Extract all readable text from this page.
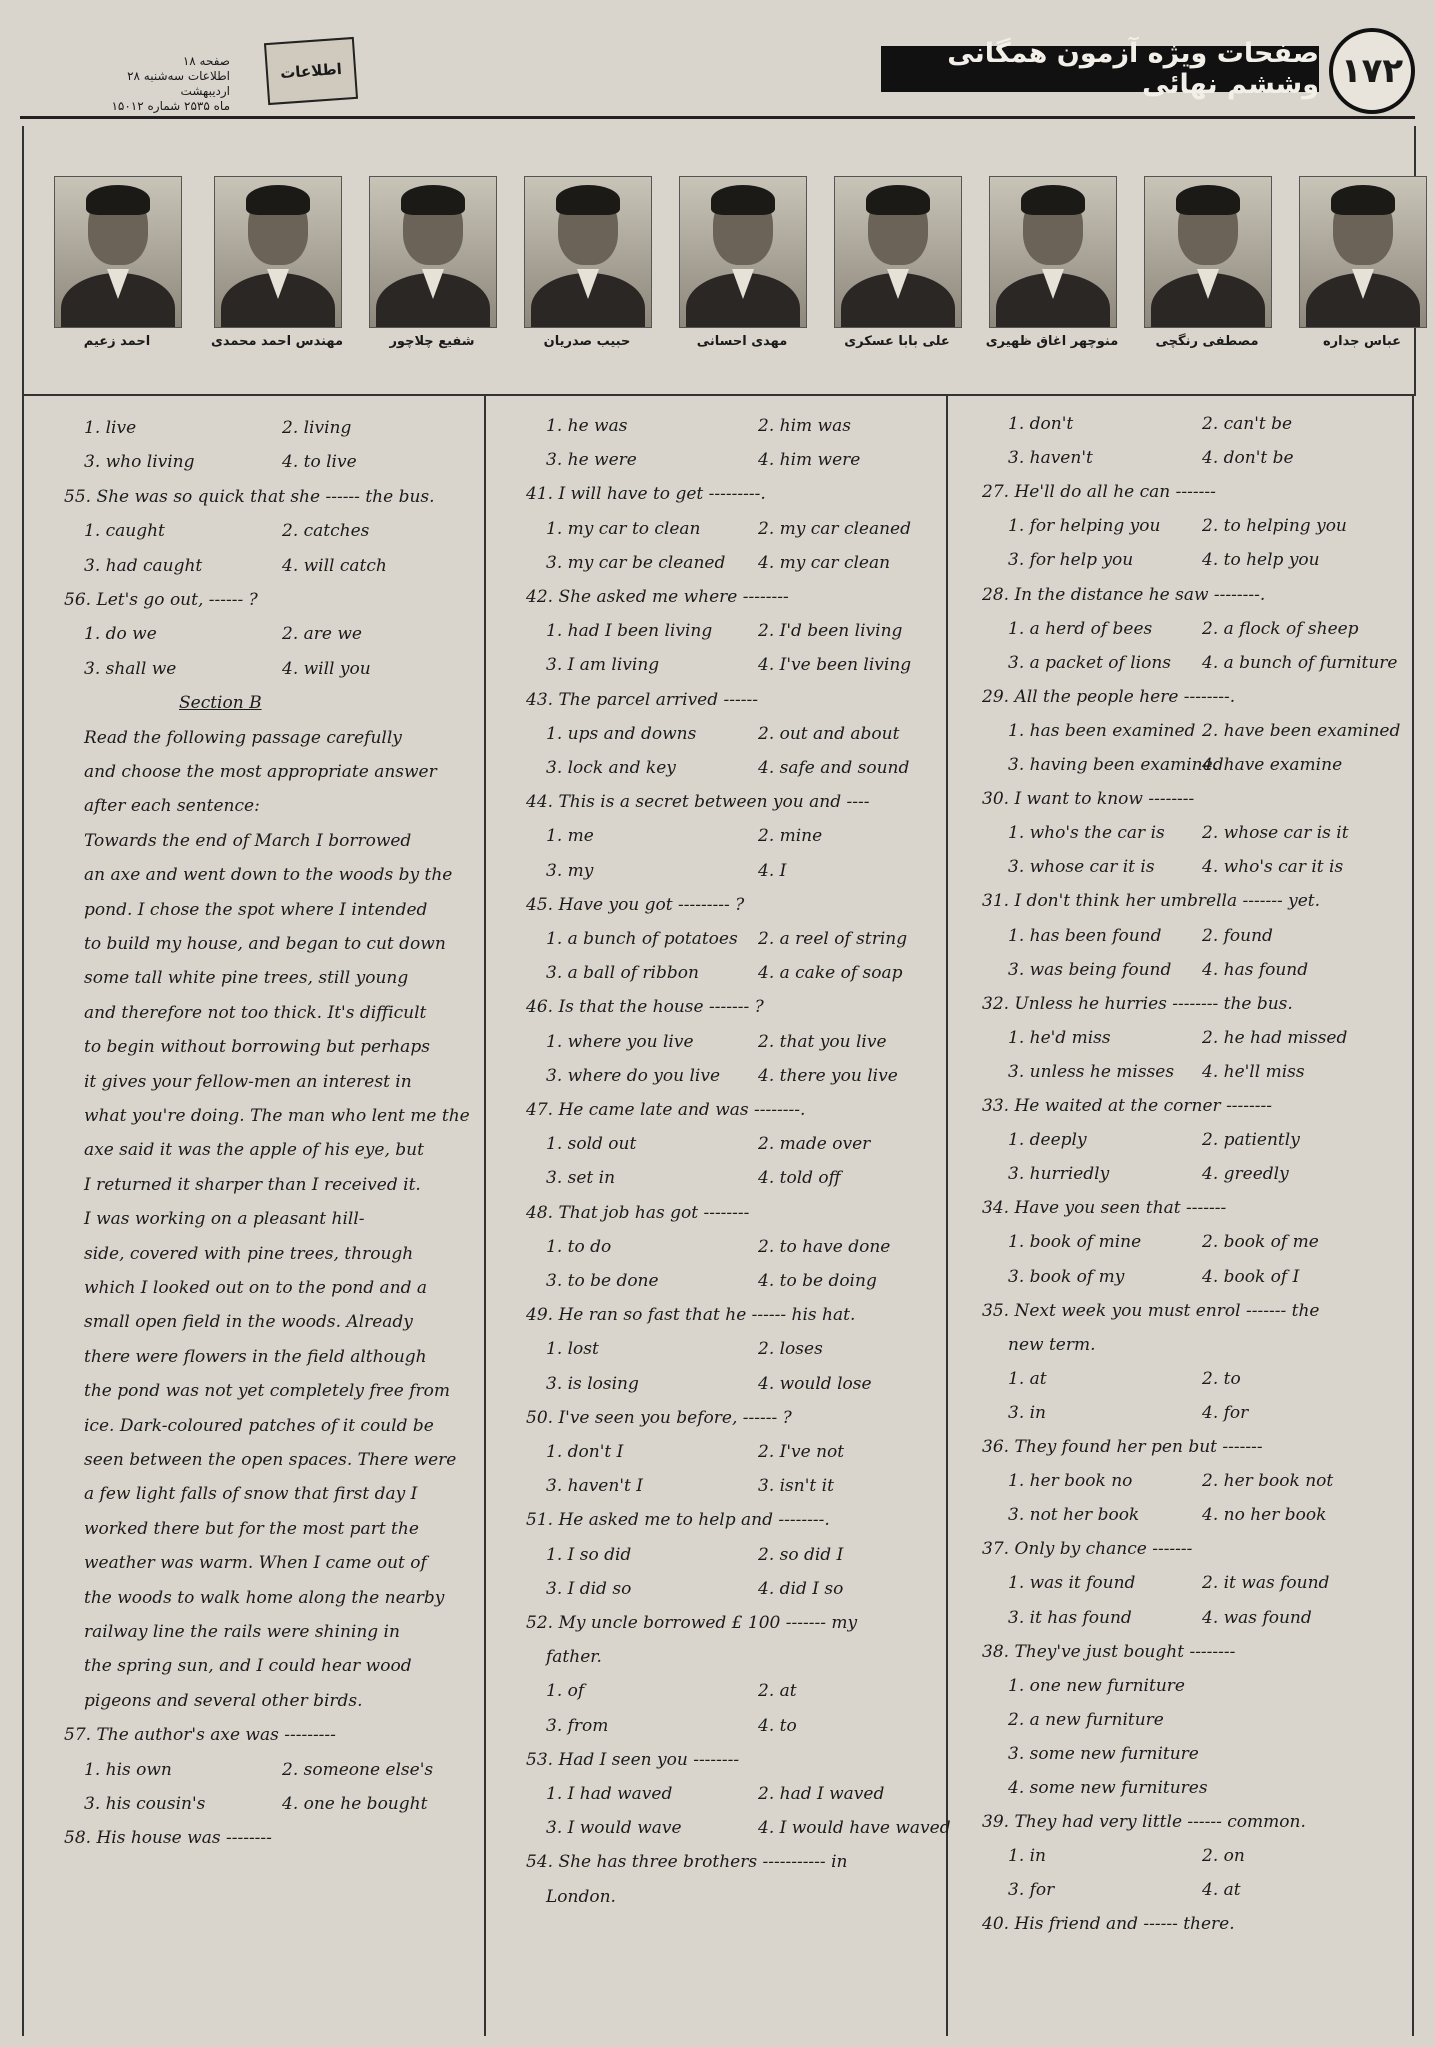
۱۷۲
صفحات ویژه آزمون همگانی وششم نهائی
اطلاعات
صفحه ۱۸
اطلاعات سه‌شنبه ۲۸ اردیبهشت
ماه ۲۵۳۵ شماره ۱۵۰۱۲
احمد زعیم	مهندس احمد محمدی	شفیع چلاچور	حبیب صدریان	مهدی احسانی	علی بابا عسکری	منوچهر اغاق ظهیری	مصطفی رنگچی	عباس جداره
1. live	2. living
3. who living	4. to live
55. She was so quick that she ------ the bus.
1. caught	2. catches
3. had caught	4. will catch
56. Let's go out, ------ ?
1. do we	2. are we
3. shall we	4. will you
Section B
Read the following passage carefully
and choose the most appropriate answer
after each sentence:
Towards the end of March I borrowed
an axe and went down to the woods by the
pond. I chose the spot where I intended
to build my house, and began to cut down
some tall white pine trees, still young
and therefore not too thick. It's difficult
to begin without borrowing but perhaps
it gives your fellow-men an interest in
what you're doing. The man who lent me the
axe said it was the apple of his eye, but
I returned it sharper than I received it.
I was working on a pleasant hill-
side, covered with pine trees, through
which I looked out on to the pond and a
small open field in the woods. Already
there were flowers in the field although
the pond was not yet completely free from
ice. Dark-coloured patches of it could be
seen between the open spaces. There were
a few light falls of snow that first day I
worked there but for the most part the
weather was warm. When I came out of
the woods to walk home along the nearby
railway line the rails were shining in
the spring sun, and I could hear wood
pigeons and several other birds.
57. The author's axe was ---------
1. his own	2. someone else's
3. his cousin's	4. one he bought
58. His house was --------
1. he was	2. him was
3. he were	4. him were
41. I will have to get ---------.
1. my car to clean	2. my car cleaned
3. my car be cleaned 4. my car clean
42. She asked me where --------
1. had I been living	2. I'd been living
3. I am living	4. I've been living
43. The parcel arrived ------
1. ups and downs	2. out and about
3. lock and key	4. safe and sound
44. This is a secret between you and ----
1. me	2. mine
3. my	4. I
45. Have you got --------- ?
1. a bunch of potatoes 2. a reel of string
3. a ball of ribbon	4. a cake of soap
46. Is that the house ------- ?
1. where you live	2. that you live
3. where do you live 4. there you live
47. He came late and was --------.
1. sold out	2. made over
3. set in	4. told off
48. That job has got --------
1. to do	2. to have done
3. to be done	4. to be doing
49. He ran so fast that he ------ his hat.
1. lost	2. loses
3. is losing	4. would lose
50. I've seen you before, ------ ?
1. don't I	2. I've not
3. haven't I	3. isn't it
51. He asked me to help and --------.
1. I so did	2. so did I
3. I did so	4. did I so
52. My uncle borrowed £ 100 ------- my
father.
1. of	2. at
3. from	4. to
53. Had I seen you --------
1. I had waved	2. had I waved
3. I would wave	4. I would have waved
54. She has three brothers ----------- in
London.
1. don't	2. can't be
3. haven't	4. don't be
27. He'll do all he can -------
1. for helping you 2. to helping you
3. for help you	4. to help you
28. In the distance he saw --------.
1. a herd of bees	2. a flock of sheep
3. a packet of lions 4. a bunch of furniture
29. All the people here --------.
1. has been examined 2. have been examined
3. having been examined
4. have examine
30. I want to know --------
1. who's the car is 2. whose car is it
3. whose car it is	4. who's car it is
31. I don't think her umbrella ------- yet.
1. has been found 2. found
3. was being found 4. has found
32. Unless he hurries -------- the bus.
1. he'd miss	2. he had missed
3. unless he misses 4. he'll miss
33. He waited at the corner --------
1. deeply	2. patiently
3. hurriedly	4. greedly
34. Have you seen that -------
1. book of mine	2. book of me
3. book of my	4. book of I
35. Next week you must enrol ------- the
new term.
1. at	2. to
3. in	4. for
36. They found her pen but -------
1. her book no	2. her book not
3. not her book	4. no her book
37. Only by chance -------
1. was it found	2. it was found
3. it has found	4. was found
38. They've just bought --------
1. one new furniture
2. a new furniture
3. some new furniture
4. some new furnitures
39. They had very little ------ common.
1. in	2. on
3. for	4. at
40. His friend and ------ there.
